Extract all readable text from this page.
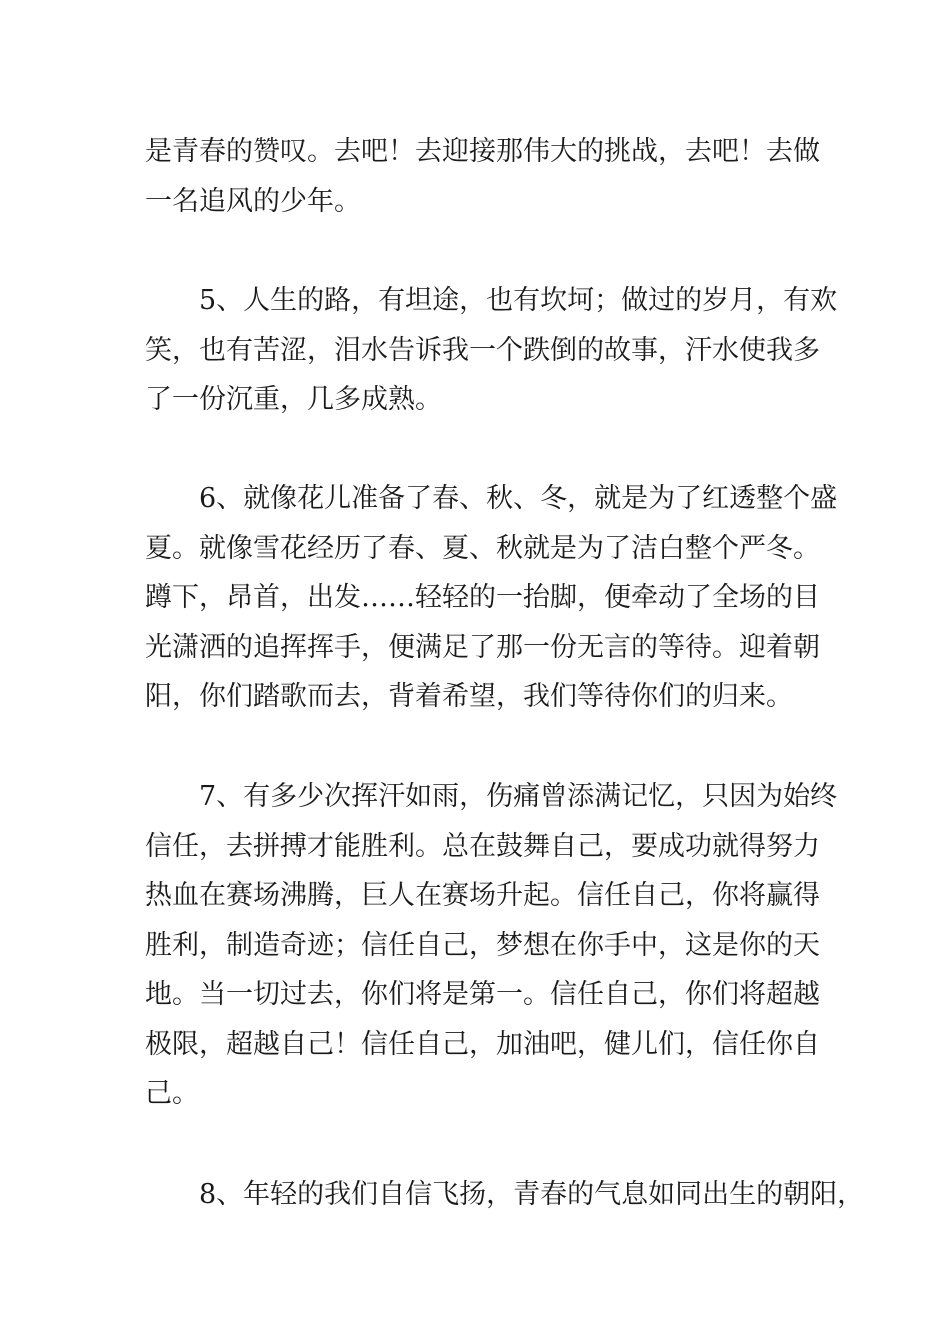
是青春的赞叹。去吧！去迎接那伟大的挑战，去吧！去做
一名追风的少年。
5、人生的路，有坦途，也有坎坷；做过的岁月，有欢
笑，也有苦涩，泪水告诉我一个跌倒的故事，汗水使我多
了一份沉重，几多成熟。
6、就像花儿准备了春、秋、冬，就是为了红透整个盛
夏。就像雪花经历了春、夏、秋就是为了洁白整个严冬。
蹲下，昂首，出发……轻轻的一抬脚，便牵动了全场的目
光潇洒的追挥挥手，便满足了那一份无言的等待。迎着朝
阳，你们踏歌而去，背着希望，我们等待你们的归来。
7、有多少次挥汗如雨，伤痛曾添满记忆，只因为始终
信任，去拼搏才能胜利。总在鼓舞自己，要成功就得努力
热血在赛场沸腾，巨人在赛场升起。信任自己，你将赢得
胜利，制造奇迹；信任自己，梦想在你手中，这是你的天
地。当一切过去，你们将是第一。信任自己，你们将超越
极限，超越自己！信任自己，加油吧，健儿们，信任你自
己。
8、年轻的我们自信飞扬，青春的气息如同出生的朝阳，
